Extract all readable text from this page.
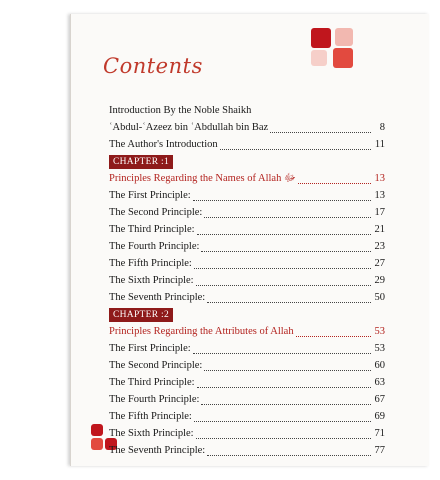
Contents
Introduction By the Noble Shaikh
ʿAbdul-ʿAzeez bin ʿAbdullah bin Baz	8
The Author's Introduction	11
CHAPTER :1
Principles Regarding the Names of Allah ﷻ	13
The First Principle:	13
The Second Principle:	17
The Third Principle:	21
The Fourth Principle:	23
The Fifth Principle:	27
The Sixth Principle:	29
The Seventh Principle:	50
CHAPTER :2
Principles Regarding the Attributes of Allah	53
The First Principle:	53
The Second Principle:	60
The Third Principle:	63
The Fourth Principle:	67
The Fifth Principle:	69
The Sixth Principle:	71
The Seventh Principle:	77
